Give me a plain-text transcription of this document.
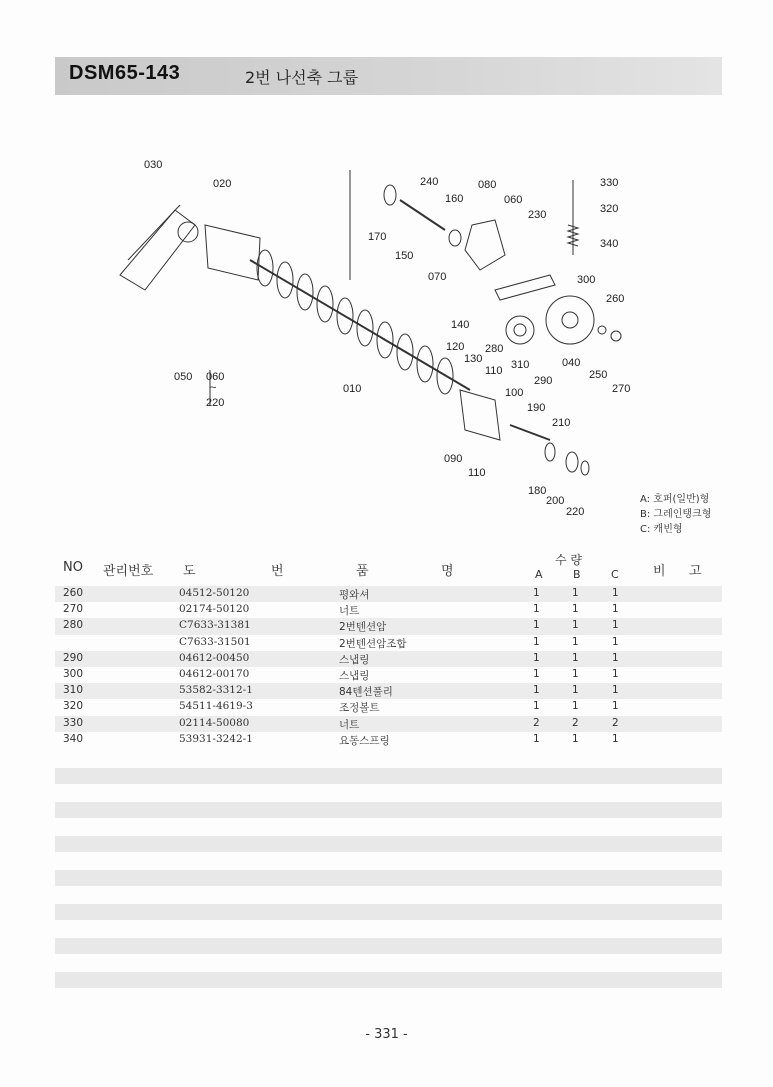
DSM65-143	2번 나선축 그룹
030
020	240	080
060
230
160
170
150
070
330
320
340
300
260
140
280
310
290
040
250
270
120
130
110
050 060
~
220
010	100
190
210
090
110
180
200
220
A: 호퍼(일반)형
B: 그레인탱크형
C: 캐빈형
NO 관리번호 도	번	품	명
수 량
A	B	C	비 고
260	04512-50120	평와셔	1	1	1
270	02174-50120	너트	1	1	1
280	C7633-31381	2번텐션암	1	1	1
C7633-31501	2번텐션암조합	1	1	1
290	04612-00450	스냅링	1	1	1
300	04612-00170	스냅링	1	1	1
310	53582-3312-1	84텐션풀리	1	1	1
320	54511-4619-3	조정볼트	1	1	1
330	02114-50080	너트	2	2	2
340	53931-3242-1	요동스프링	1	1	1
- 331 -
